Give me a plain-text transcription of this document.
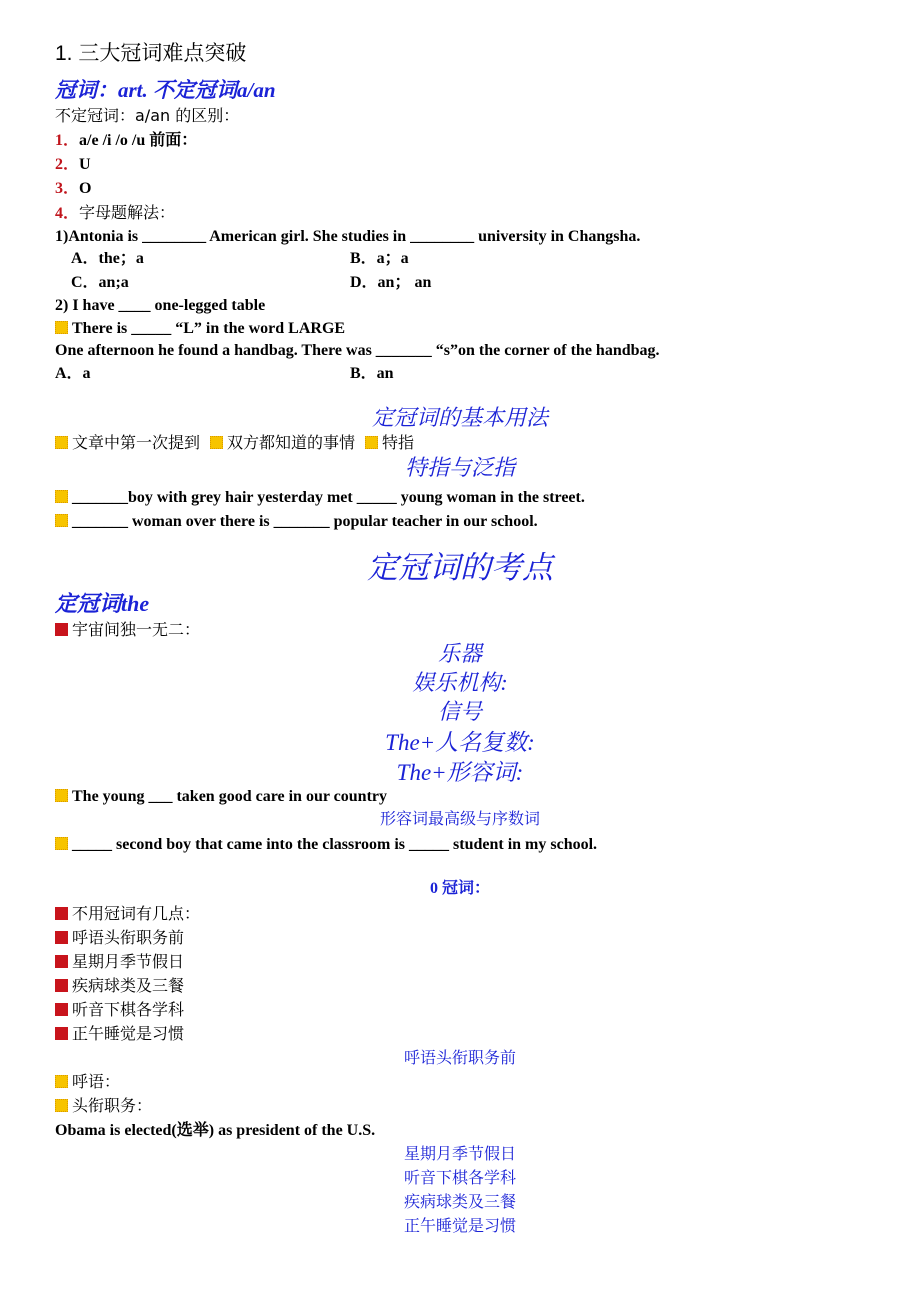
1. 三大冠词难点突破
冠词：art. 不定冠词a/an
不定冠词：a/an 的区别：
1．a/e /i /o /u 前面：
2．U
3．O
4．字母题解法：
1)Antonia is ________ American girl. She studies in ________ university in Changsha.
A．the；a	B．a；a
C．an;a	D．an； an
2) I have ____ one-legged table
There is _____ “L” in the word LARGE
One afternoon he found a handbag. There was _______ “s”on the corner of the handbag.
A．a	B．an
定冠词的基本用法
文章中第一次提到 双方都知道的事情 特指
特指与泛指
_______boy with grey hair yesterday met _____ young woman in the street.
_______ woman over there is _______ popular teacher in our school.
定冠词的考点
定冠词the
宇宙间独一无二：
乐器
娱乐机构:
信号
The+人名复数:
The+形容词:
The young ___ taken good care in our country
形容词最高级与序数词
_____ second boy that came into the classroom is _____ student in my school.
0 冠词：
不用冠词有几点：
呼语头衔职务前
星期月季节假日
疾病球类及三餐
听音下棋各学科
正午睡觉是习惯
呼语头衔职务前
呼语：
头衔职务：
Obama is elected(选举) as president of the U.S.
星期月季节假日
听音下棋各学科
疾病球类及三餐
正午睡觉是习惯
